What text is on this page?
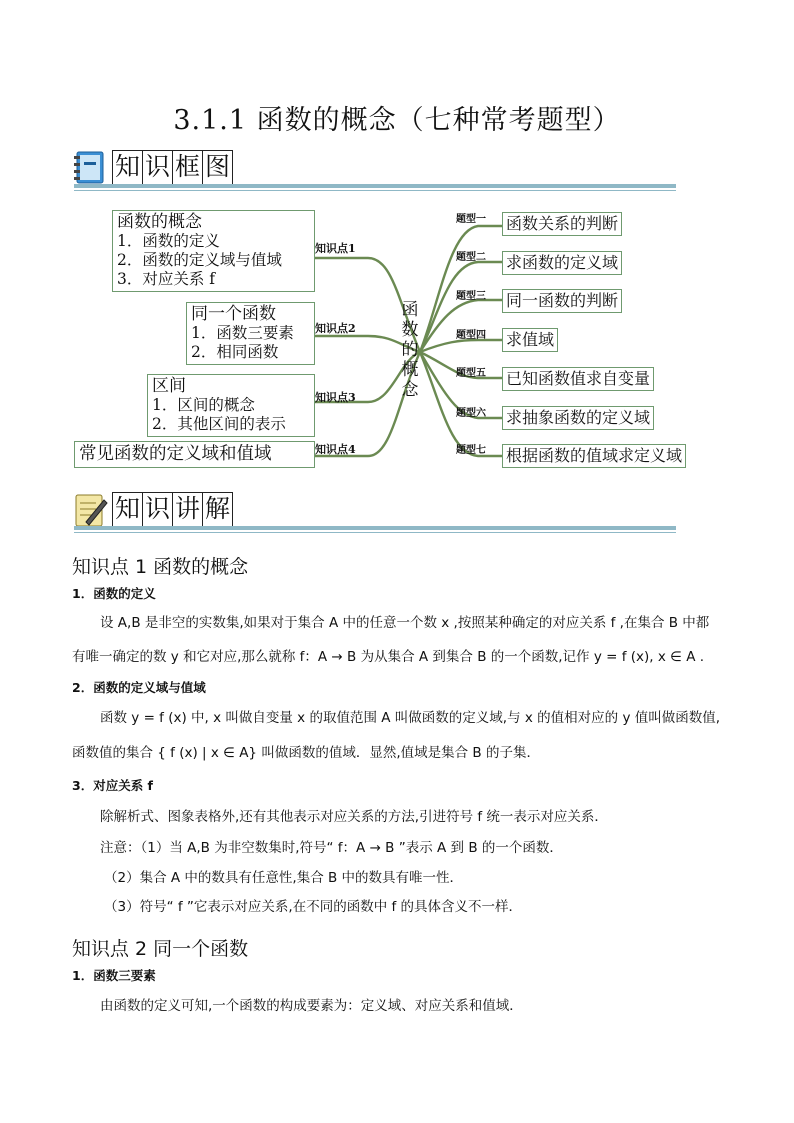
3.1.1 函数的概念（七种常考题型）
知 识 框 图
函数的概念
1．函数的定义
2．函数的定义域与值域
3．对应关系 f
知识点1
同一个函数
1．函数三要素
2．相同函数
知识点2
区间
1．区间的概念
2．其他区间的表示
知识点3
常见函数的定义域和值域	知识点4
函
数
的
概
念
题型一 函数关系的判断
题型二 求函数的定义域
题型三 同一函数的判断
题型四 求值域
题型五 已知函数值求自变量
题型六 求抽象函数的定义域
题型七 根据函数的值域求定义域
知 识 讲 解
知识点 1 函数的概念
1．函数的定义
设 A,B 是非空的实数集,如果对于集合 A 中的任意一个数 x ,按照某种确定的对应关系 f ,在集合 B 中都
有唯一确定的数 y 和它对应,那么就称 f：A → B 为从集合 A 到集合 B 的一个函数,记作 y = f (x), x ∈ A .
2．函数的定义域与值域
函数 y = f (x) 中, x 叫做自变量 x 的取值范围 A 叫做函数的定义域,与 x 的值相对应的 y 值叫做函数值,
函数值的集合 { f (x) | x ∈ A} 叫做函数的值域．显然,值域是集合 B 的子集．
3．对应关系 f
除解析式、图象表格外,还有其他表示对应关系的方法,引进符号 f 统一表示对应关系．
注意：（1）当 A,B 为非空数集时,符号“ f：A → B ”表示 A 到 B 的一个函数．
（2）集合 A 中的数具有任意性,集合 B 中的数具有唯一性．
（3）符号“ f ”它表示对应关系,在不同的函数中 f 的具体含义不一样．
知识点 2 同一个函数
1．函数三要素
由函数的定义可知,一个函数的构成要素为：定义域、对应关系和值域．
